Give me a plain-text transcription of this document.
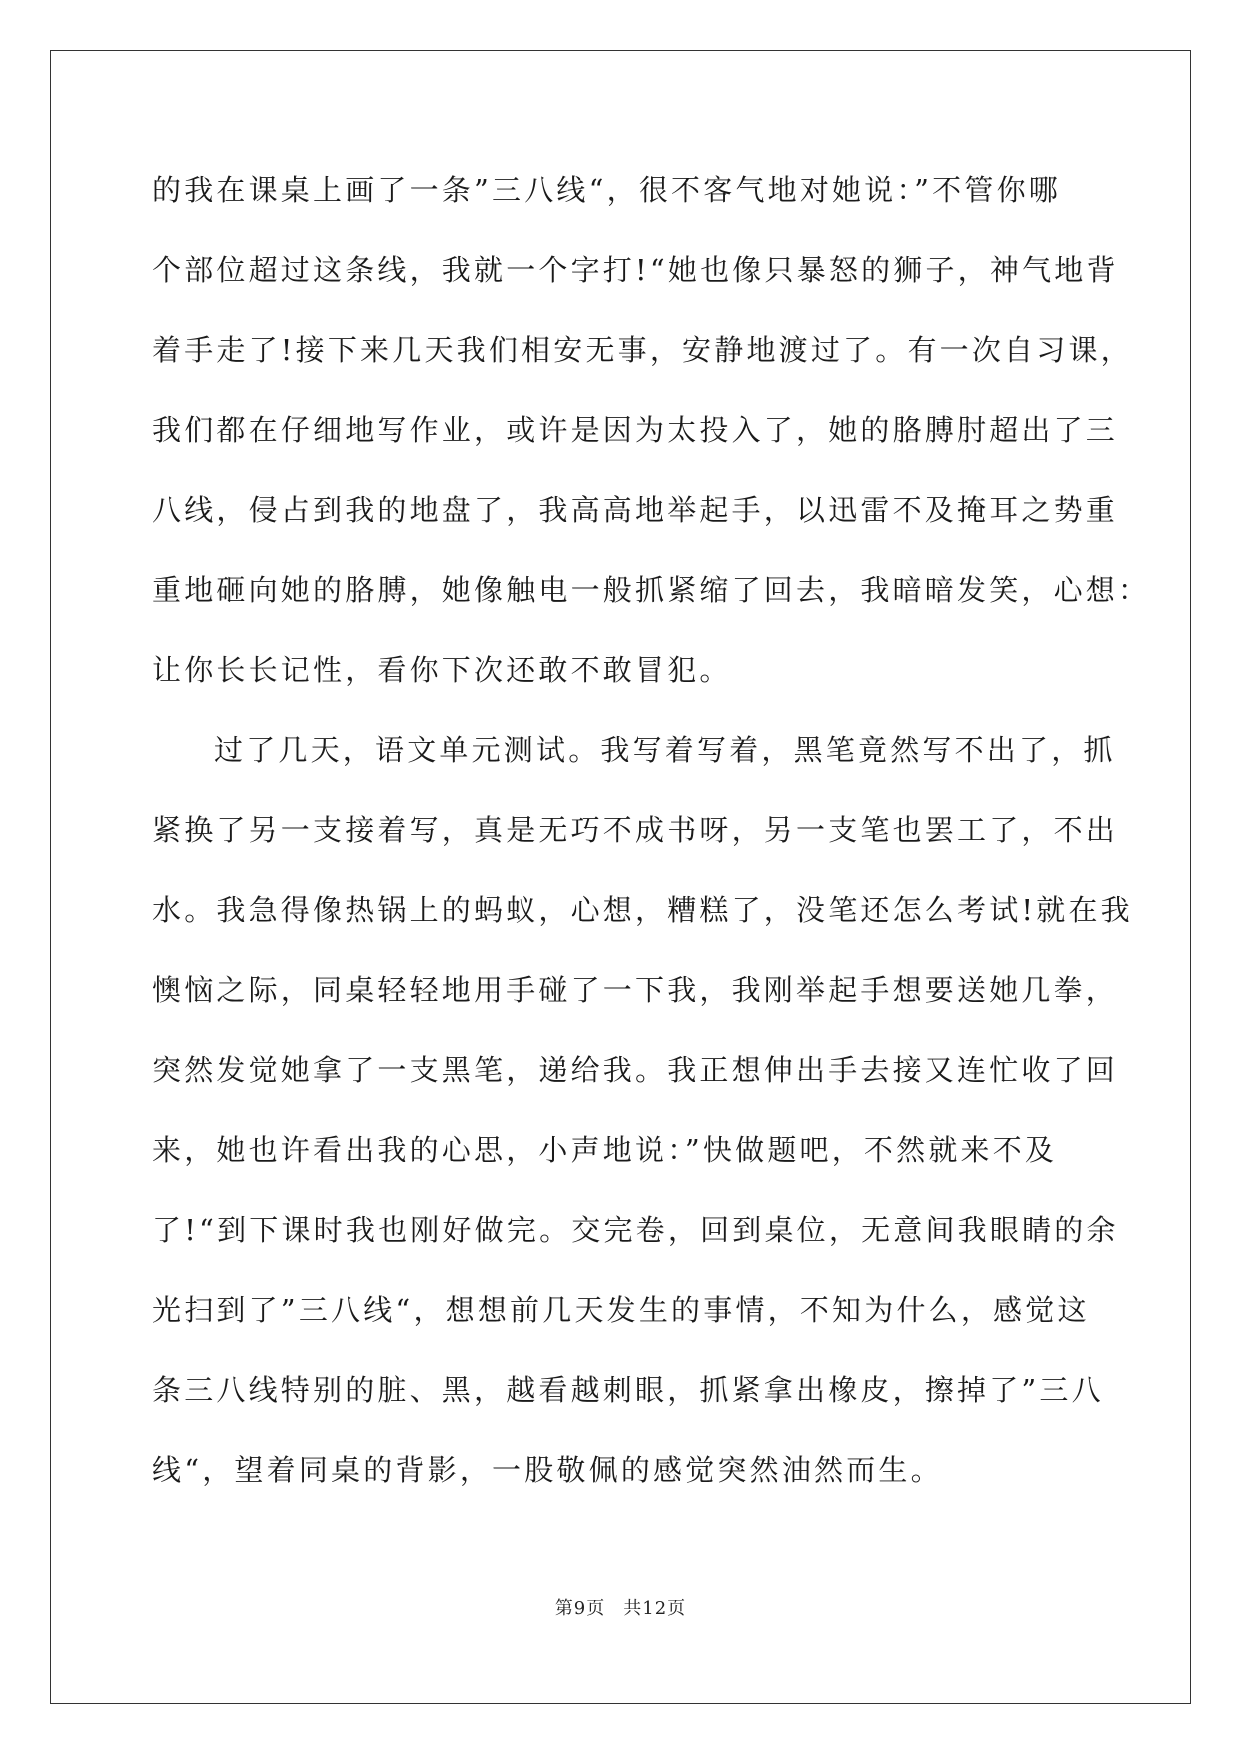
的我在课桌上画了一条”三八线“，很不客气地对她说：”不管你哪
个部位超过这条线，我就一个字打!“她也像只暴怒的狮子，神气地背
着手走了!接下来几天我们相安无事，安静地渡过了。有一次自习课，
我们都在仔细地写作业，或许是因为太投入了，她的胳膊肘超出了三
八线，侵占到我的地盘了，我高高地举起手，以迅雷不及掩耳之势重
重地砸向她的胳膊，她像触电一般抓紧缩了回去，我暗暗发笑，心想：
让你长长记性，看你下次还敢不敢冒犯。
过了几天，语文单元测试。我写着写着，黑笔竟然写不出了，抓
紧换了另一支接着写，真是无巧不成书呀，另一支笔也罢工了，不出
水。我急得像热锅上的蚂蚁，心想，糟糕了，没笔还怎么考试!就在我
懊恼之际，同桌轻轻地用手碰了一下我，我刚举起手想要送她几拳，
突然发觉她拿了一支黑笔，递给我。我正想伸出手去接又连忙收了回
来，她也许看出我的心思，小声地说：”快做题吧，不然就来不及
了!“到下课时我也刚好做完。交完卷，回到桌位，无意间我眼睛的余
光扫到了”三八线“，想想前几天发生的事情，不知为什么，感觉这
条三八线特别的脏、黑，越看越刺眼，抓紧拿出橡皮，擦掉了”三八
线“，望着同桌的背影，一股敬佩的感觉突然油然而生。
第9页 共12页
